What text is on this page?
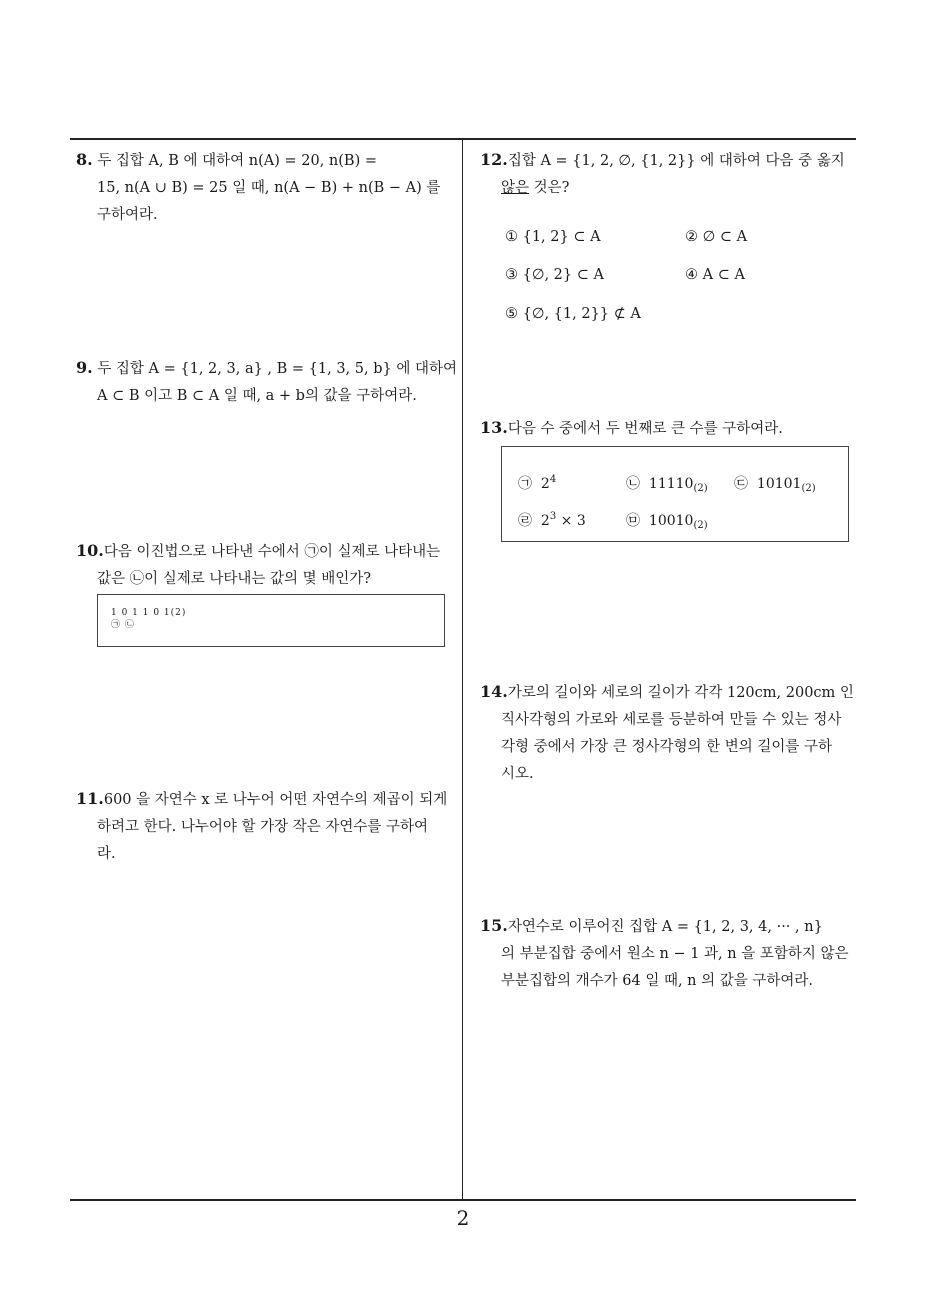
8. 두 집합 A, B 에 대하여 n(A) = 20, n(B) =
15, n(A ∪ B) = 25 일 때, n(A − B) + n(B − A) 를
구하여라.
9. 두 집합 A = {1, 2, 3, a} , B = {1, 3, 5, b} 에 대하여
A ⊂ B 이고 B ⊂ A 일 때, a + b의 값을 구하여라.
10.다음 이진법으로 나타낸 수에서 ㉠이 실제로 나타내는
값은 ㉡이 실제로 나타내는 값의 몇 배인가?
1 0 1 1 0 1(2)
㉠ ㉡
11.600 을 자연수 x 로 나누어 어떤 자연수의 제곱이 되게
하려고 한다. 나누어야 할 가장 작은 자연수를 구하여
라.
12.집합 A = {1, 2, ∅, {1, 2}} 에 대하여 다음 중 옳지
않은 것은?
① {1, 2} ⊂ A	② ∅ ⊂ A
③ {∅, 2} ⊂ A	④ A ⊂ A
⑤ {∅, {1, 2}} ⊄ A
13.다음 수 중에서 두 번째로 큰 수를 구하여라.
㉠ $2^4$	㉡ $11110_{(2)}$ ㉢ $10101_{(2)}$
㉣ $2^3 \times 3$	㉤ $10010_{(2)}$
14.가로의 길이와 세로의 길이가 각각 120cm, 200cm 인
직사각형의 가로와 세로를 등분하여 만들 수 있는 정사
각형 중에서 가장 큰 정사각형의 한 변의 길이를 구하
시오.
15.자연수로 이루어진 집합 A = {1, 2, 3, 4, ··· , n}
의 부분집합 중에서 원소 n − 1 과, n 을 포함하지 않은
부분집합의 개수가 64 일 때, n 의 값을 구하여라.
2
